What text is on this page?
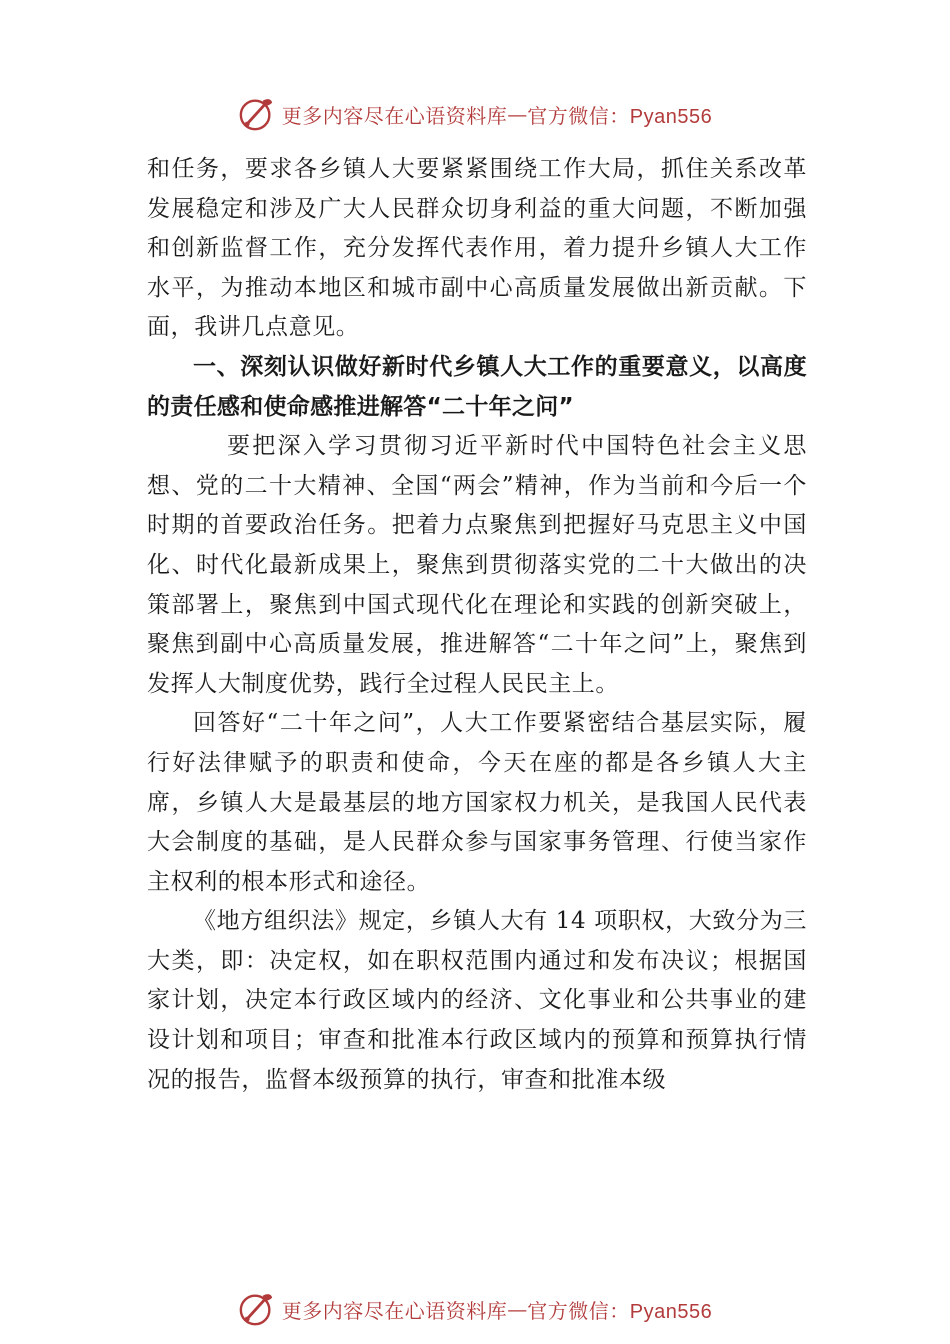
更多内容尽在心语资料库 — 官方微信：Pyan556

和任务，要求各乡镇人大要紧紧围绕工作大局，抓住关系改革发展稳定和涉及广大人民群众切身利益的重大问题，不断加强和创新监督工作，充分发挥代表作用，着力提升乡镇人大工作水平，为推动本地区和城市副中心高质量发展做出新贡献。下面，我讲几点意见。

一、深刻认识做好新时代乡镇人大工作的重要意义，以高度的责任感和使命感推进解答“二十年之问”

要把深入学习贯彻习近平新时代中国特色社会主义思想、党的二十大精神、全国“两会”精神，作为当前和今后一个时期的首要政治任务。把着力点聚焦到把握好马克思主义中国化、时代化最新成果上，聚焦到贯彻落实党的二十大做出的决策部署上，聚焦到中国式现代化在理论和实践的创新突破上，聚焦到副中心高质量发展，推进解答“二十年之问”上，聚焦到发挥人大制度优势，践行全过程人民民主上。

回答好“二十年之问”，人大工作要紧密结合基层实际，履行好法律赋予的职责和使命，今天在座的都是各乡镇人大主席，乡镇人大是最基层的地方国家权力机关，是我国人民代表大会制度的基础，是人民群众参与国家事务管理、行使当家作主权利的根本形式和途径。

《地方组织法》规定，乡镇人大有 14 项职权，大致分为三大类，即：决定权，如在职权范围内通过和发布决议；根据国家计划，决定本行政区域内的经济、文化事业和公共事业的建设计划和项目；审查和批准本行政区域内的预算和预算执行情况的报告，监督本级预算的执行，审查和批准本级

更多内容尽在心语资料库 — 官方微信：Pyan556
